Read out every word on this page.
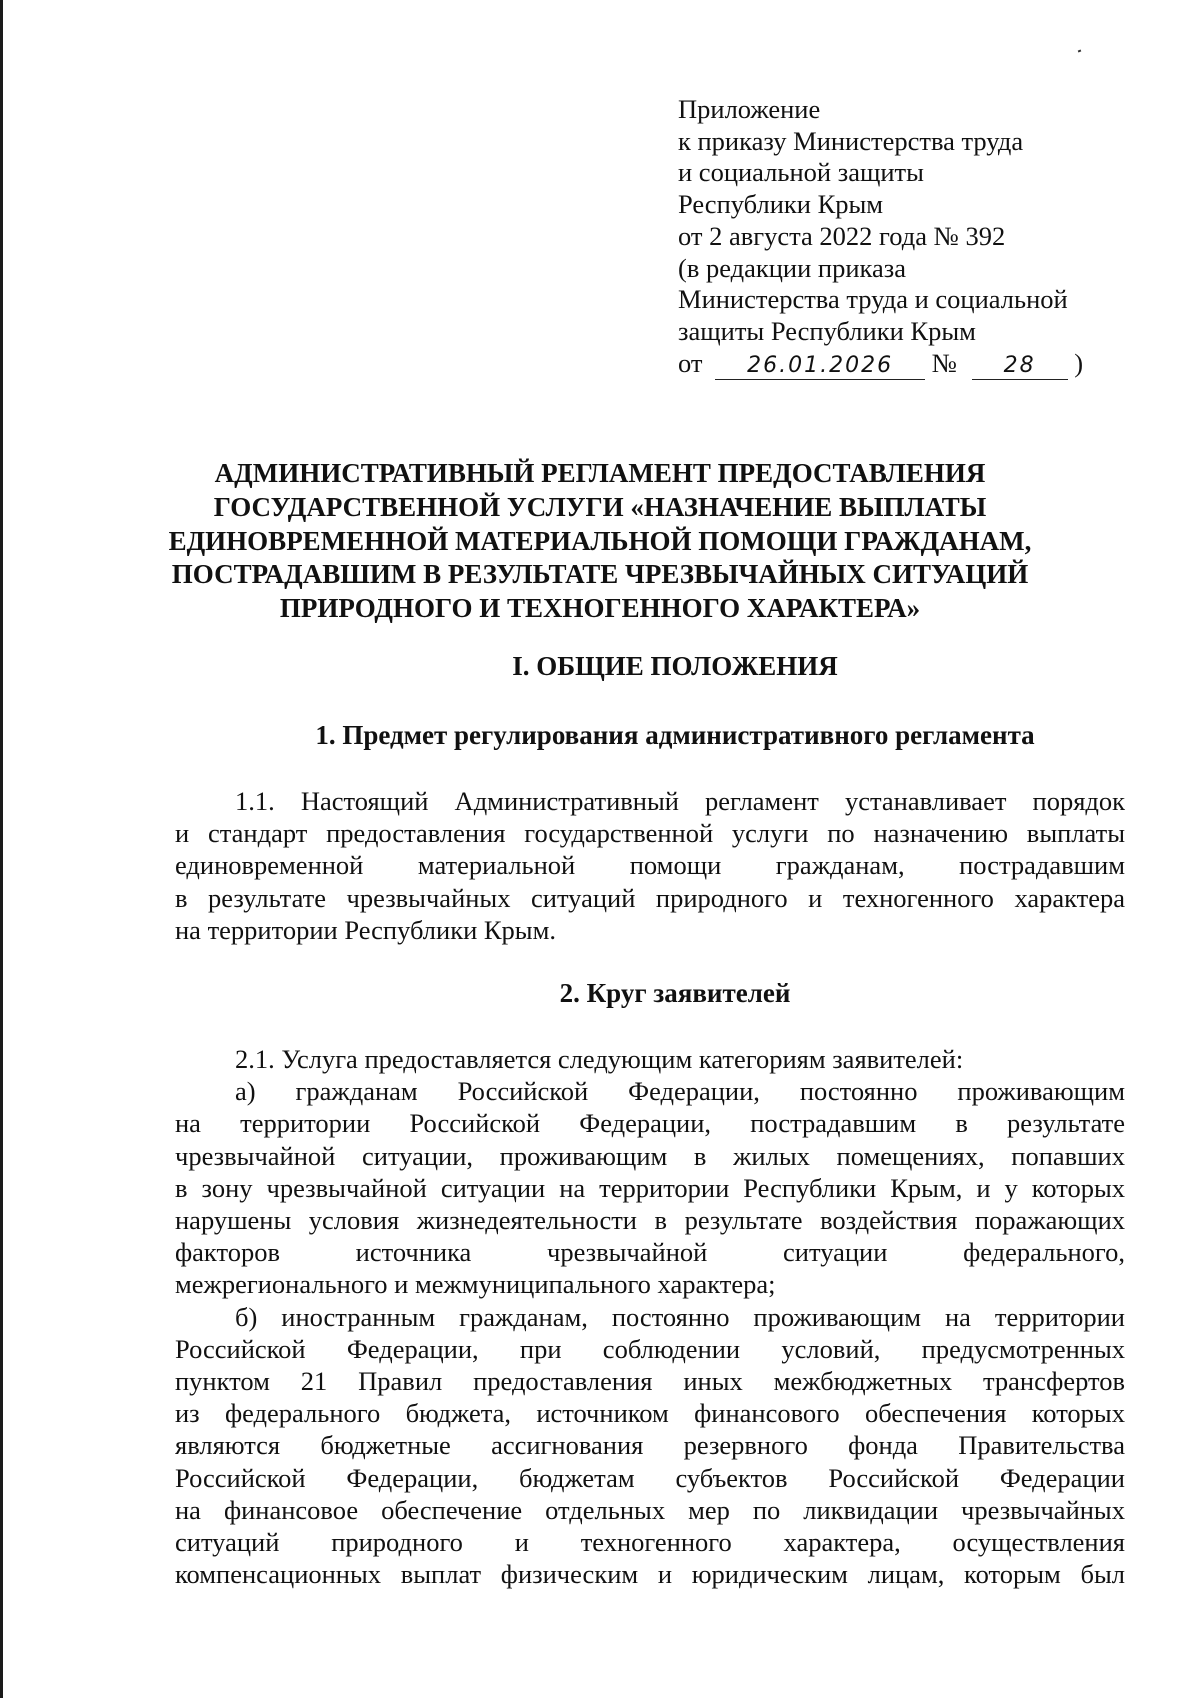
Приложение
к приказу Министерства труда
и социальной защиты
Республики Крым
от 2 августа 2022 года № 392
(в редакции приказа
Министерства труда и социальной
защиты Республики Крым
от 26.01.2026 № 28 )
АДМИНИСТРАТИВНЫЙ РЕГЛАМЕНТ ПРЕДОСТАВЛЕНИЯ
ГОСУДАРСТВЕННОЙ УСЛУГИ «НАЗНАЧЕНИЕ ВЫПЛАТЫ
ЕДИНОВРЕМЕННОЙ МАТЕРИАЛЬНОЙ ПОМОЩИ ГРАЖДАНАМ,
ПОСТРАДАВШИМ В РЕЗУЛЬТАТЕ ЧРЕЗВЫЧАЙНЫХ СИТУАЦИЙ
ПРИРОДНОГО И ТЕХНОГЕННОГО ХАРАКТЕРА»
I. ОБЩИЕ ПОЛОЖЕНИЯ
1. Предмет регулирования административного регламента
1.1. Настоящий Административный регламент устанавливает порядок
и стандарт предоставления государственной услуги по назначению выплаты
единовременной материальной помощи гражданам, пострадавшим
в результате чрезвычайных ситуаций природного и техногенного характера
на территории Республики Крым.
2. Круг заявителей
2.1. Услуга предоставляется следующим категориям заявителей:
а) гражданам Российской Федерации, постоянно проживающим
на территории Российской Федерации, пострадавшим в результате
чрезвычайной ситуации, проживающим в жилых помещениях, попавших
в зону чрезвычайной ситуации на территории Республики Крым, и у которых
нарушены условия жизнедеятельности в результате воздействия поражающих
факторов источника чрезвычайной ситуации федерального,
межрегионального и межмуниципального характера;
б) иностранным гражданам, постоянно проживающим на территории
Российской Федерации, при соблюдении условий, предусмотренных
пунктом 21 Правил предоставления иных межбюджетных трансфертов
из федерального бюджета, источником финансового обеспечения которых
являются бюджетные ассигнования резервного фонда Правительства
Российской Федерации, бюджетам субъектов Российской Федерации
на финансовое обеспечение отдельных мер по ликвидации чрезвычайных
ситуаций природного и техногенного характера, осуществления
компенсационных выплат физическим и юридическим лицам, которым был
